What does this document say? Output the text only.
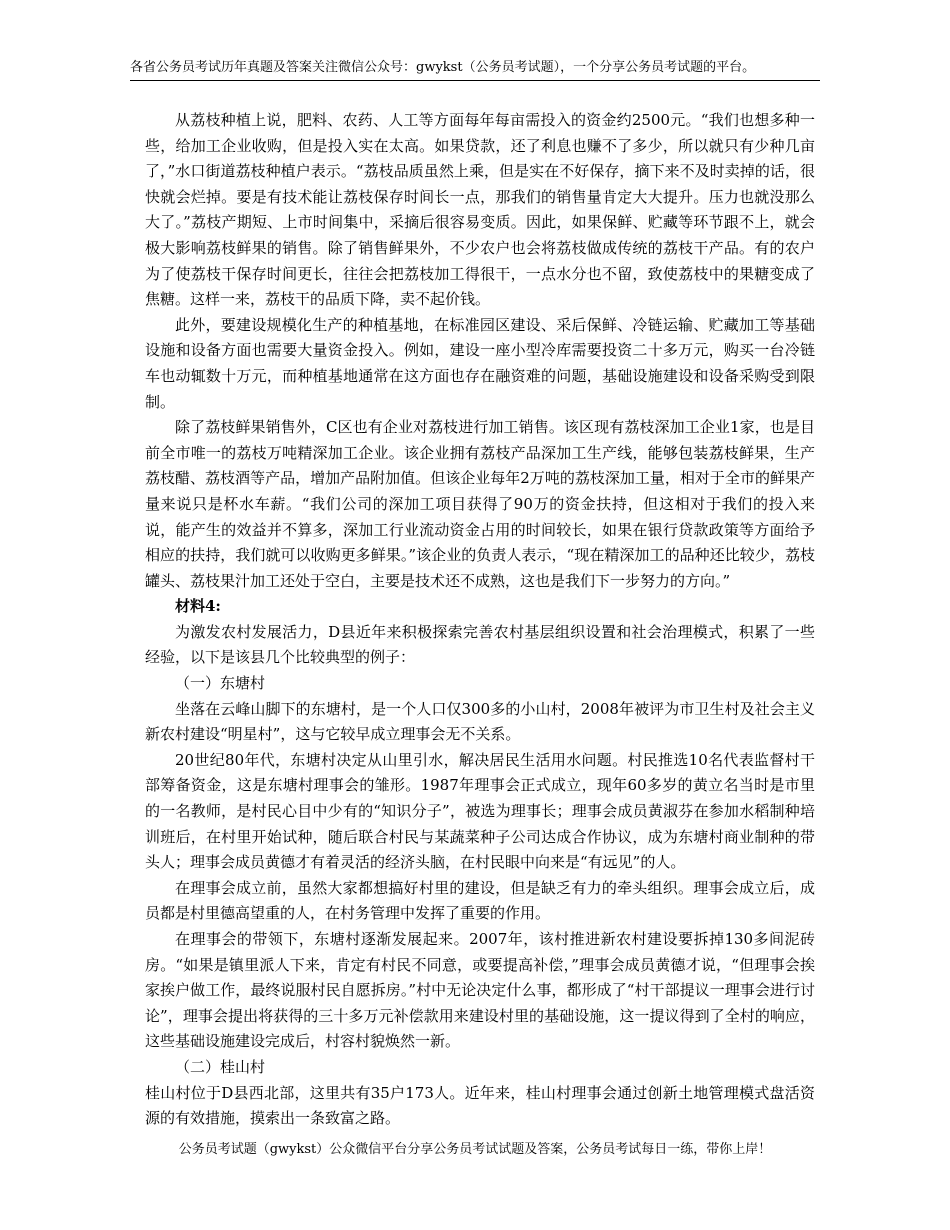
各省公务员考试历年真题及答案关注微信公众号：gwykst（公务员考试题），一个分享公务员考试题的平台。

从荔枝种植上说，肥料、农药、人工等方面每年每亩需投入的资金约2500元。“我们也想多种一些，给加工企业收购，但是投入实在太高。如果贷款，还了利息也赚不了多少，所以就只有少种几亩了，”水口街道荔枝种植户表示。“荔枝品质虽然上乘，但是实在不好保存，摘下来不及时卖掉的话，很快就会烂掉。要是有技术能让荔枝保存时间长一点，那我们的销售量肯定大大提升。压力也就没那么大了。”荔枝产期短、上市时间集中，采摘后很容易变质。因此，如果保鲜、贮藏等环节跟不上，就会极大影响荔枝鲜果的销售。除了销售鲜果外，不少农户也会将荔枝做成传统的荔枝干产品。有的农户为了使荔枝干保存时间更长，往往会把荔枝加工得很干，一点水分也不留，致使荔枝中的果糖变成了焦糖。这样一来，荔枝干的品质下降，卖不起价钱。

此外，要建设规模化生产的种植基地，在标准园区建设、采后保鲜、冷链运输、贮藏加工等基础设施和设备方面也需要大量资金投入。例如，建设一座小型冷库需要投资二十多万元，购买一台冷链车也动辄数十万元，而种植基地通常在这方面也存在融资难的问题，基础设施建设和设备采购受到限制。

除了荔枝鲜果销售外，C区也有企业对荔枝进行加工销售。该区现有荔枝深加工企业1家，也是目前全市唯一的荔枝万吨精深加工企业。该企业拥有荔枝产品深加工生产线，能够包装荔枝鲜果，生产荔枝醋、荔枝酒等产品，增加产品附加值。但该企业每年2万吨的荔枝深加工量，相对于全市的鲜果产量来说只是杯水车薪。“我们公司的深加工项目获得了90万的资金扶持，但这相对于我们的投入来说，能产生的效益并不算多，深加工行业流动资金占用的时间较长，如果在银行贷款政策等方面给予相应的扶持，我们就可以收购更多鲜果。”该企业的负责人表示，“现在精深加工的品种还比较少，荔枝罐头、荔枝果汁加工还处于空白，主要是技术还不成熟，这也是我们下一步努力的方向。”

材料4:

为激发农村发展活力，D县近年来积极探索完善农村基层组织设置和社会治理模式，积累了一些经验，以下是该县几个比较典型的例子：

（一）东塘村

坐落在云峰山脚下的东塘村，是一个人口仅300多的小山村，2008年被评为市卫生村及社会主义新农村建设“明星村”，这与它较早成立理事会无不关系。

20世纪80年代，东塘村决定从山里引水，解决居民生活用水问题。村民推选10名代表监督村干部筹备资金，这是东塘村理事会的雏形。1987年理事会正式成立，现年60多岁的黄立名当时是市里的一名教师，是村民心目中少有的“知识分子”，被选为理事长；理事会成员黄淑芬在参加水稻制种培训班后，在村里开始试种，随后联合村民与某蔬菜种子公司达成合作协议，成为东塘村商业制种的带头人；理事会成员黄德才有着灵活的经济头脑，在村民眼中向来是“有远见”的人。

在理事会成立前，虽然大家都想搞好村里的建设，但是缺乏有力的牵头组织。理事会成立后，成员都是村里德高望重的人，在村务管理中发挥了重要的作用。

在理事会的带领下，东塘村逐渐发展起来。2007年，该村推进新农村建设要拆掉130多间泥砖房。“如果是镇里派人下来，肯定有村民不同意，或要提高补偿，”理事会成员黄德才说，“但理事会挨家挨户做工作，最终说服村民自愿拆房。”村中无论决定什么事，都形成了“村干部提议一理事会进行讨论”，理事会提出将获得的三十多万元补偿款用来建设村里的基础设施，这一提议得到了全村的响应，这些基础设施建设完成后，村容村貌焕然一新。

（二）桂山村

桂山村位于D县西北部，这里共有35户173人。近年来，桂山村理事会通过创新土地管理模式盘活资源的有效措施，摸索出一条致富之路。

公务员考试题（gwykst）公众微信平台分享公务员考试试题及答案，公务员考试每日一练，带你上岸！
